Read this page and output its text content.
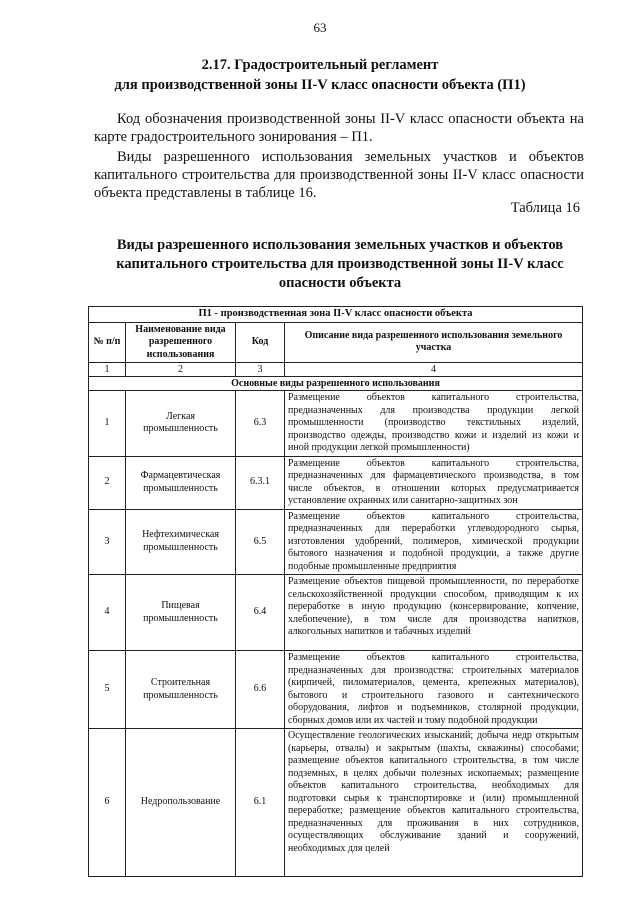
63
2.17. Градостроительный регламент
для производственной зоны II-V класс опасности объекта (П1)
Код обозначения производственной зоны II-V класс опасности объекта на карте градостроительного зонирования – П1.
Виды разрешенного использования земельных участков и объектов капитального строительства для производственной зоны II-V класс опасности объекта представлены в таблице 16.
Таблица 16
Виды разрешенного использования земельных участков и объектов
капитального строительства для производственной зоны II-V класс
опасности объекта
П1 - производственная зона II-V класс опасности объекта			
№ п/п	Наименование вида разрешенного использования	Код	Описание вида разрешенного использования земельного участка
1	2	3	4
Основные виды разрешенного использования			
1	Легкая промышленность	6.3	Размещение объектов капитального строительства, предназначенных для производства продукции легкой промышленности (производство текстильных изделий, производство одежды, производство кожи и изделий из кожи и иной продукции легкой промышленности)
2	Фармацевтическая промышленность	6.3.1	Размещение объектов капитального строительства, предназначенных для фармацевтического производства, в том числе объектов, в отношении которых предусматривается установление охранных или санитарно-защитных зон
3	Нефтехимическая промышленность	6.5	Размещение объектов капитального строительства, предназначенных для переработки углеводородного сырья, изготовления удобрений, полимеров, химической продукции бытового назначения и подобной продукции, а также другие подобные промышленные предприятия
4	Пищевая промышленность	6.4	Размещение объектов пищевой промышленности, по переработке сельскохозяйственной продукции способом, приводящим к их переработке в иную продукцию (консервирование, копчение, хлебопечение), в том числе для производства напитков, алкогольных напитков и табачных изделий
5	Строительная промышленность	6.6	Размещение объектов капитального строительства, предназначенных для производства: строительных материалов (кирпичей, пиломатериалов, цемента, крепежных материалов), бытового и строительного газового и сантехнического оборудования, лифтов и подъемников, столярной продукции, сборных домов или их частей и тому подобной продукции
6	Недропользование	6.1	Осуществление геологических изысканий; добыча недр открытым (карьеры, отвалы) и закрытым (шахты, скважины) способами; размещение объектов капитального строительства, в том числе подземных, в целях добычи полезных ископаемых; размещение объектов капитального строительства, необходимых для подготовки сырья к транспортировке и (или) промышленной переработке; размещение объектов капитального строительства, предназначенных для проживания в них сотрудников, осуществляющих обслуживание зданий и сооружений, необходимых для целей
